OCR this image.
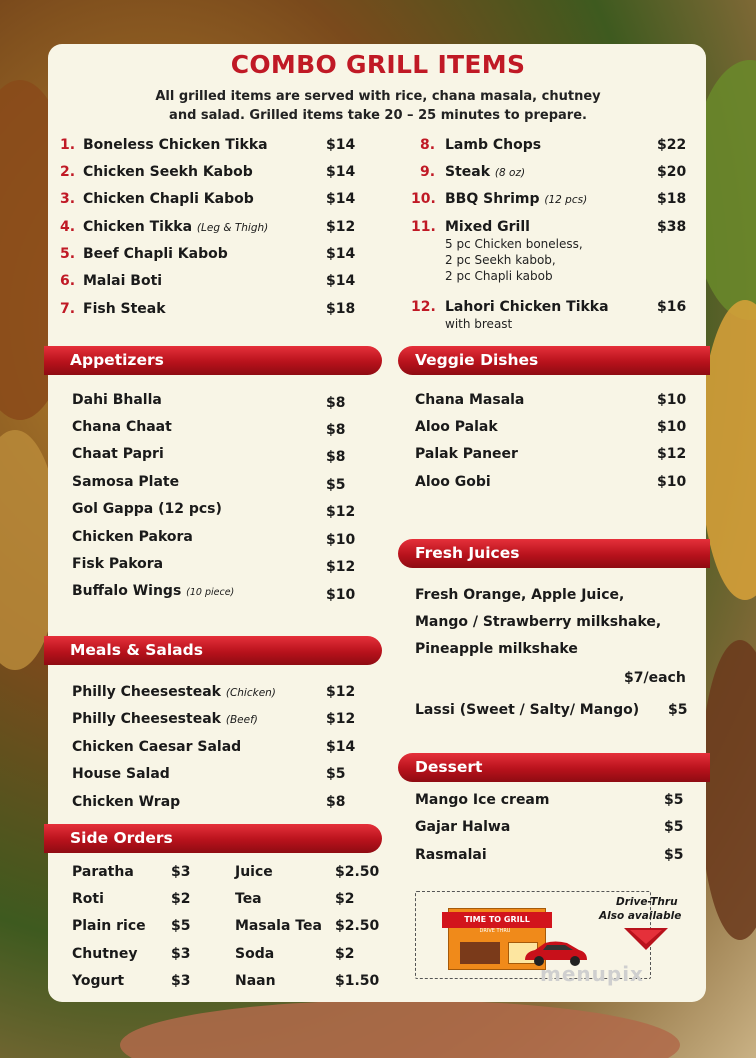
COMBO GRILL ITEMS
All grilled items are served with rice, chana masala, chutney
and salad. Grilled items take 20 – 25 minutes to prepare.
1. Boneless Chicken Tikka	$14
2. Chicken Seekh Kabob	$14
3. Chicken Chapli Kabob	$14
4. Chicken Tikka (Leg & Thigh)	$12
5. Beef Chapli Kabob	$14
6. Malai Boti	$14
7. Fish Steak	$18
8. Lamb Chops	$22
9. Steak (8 oz)	$20
10. BBQ Shrimp (12 pcs)	$18
11. Mixed Grill	$38
5 pc Chicken boneless,
2 pc Seekh kabob,
2 pc Chapli kabob
12. Lahori Chicken Tikka	$16
with breast
Appetizers
Dahi Bhalla	$8
Chana Chaat	$8
Chaat Papri	$8
Samosa Plate	$5
Gol Gappa (12 pcs)	$12
Chicken Pakora	$10
Fisk Pakora	$12
Buffalo Wings (10 piece)	$10
Veggie Dishes
Chana Masala	$10
Aloo Palak	$10
Palak Paneer	$12
Aloo Gobi	$10
Fresh Juices
Fresh Orange, Apple Juice,
Mango / Strawberry milkshake,
Pineapple milkshake
$7/each
Lassi (Sweet / Salty/ Mango) $5
Meals & Salads
Philly Cheesesteak (Chicken)	$12
Philly Cheesesteak (Beef)	$12
Chicken Caesar Salad	$14
House Salad	$5
Chicken Wrap	$8
Dessert
Mango Ice cream	$5
Gajar Halwa	$5
Rasmalai	$5
Side Orders
Paratha	$3	Juice	$2.50
Roti	$2	Tea	$2
Plain rice $5	Masala Tea $2.50
Chutney $3	Soda	$2
Yogurt	$3	Naan	$1.50
TIME TO GRILL
DRIVE THRU
Drive-Thru
Also available
menupix
